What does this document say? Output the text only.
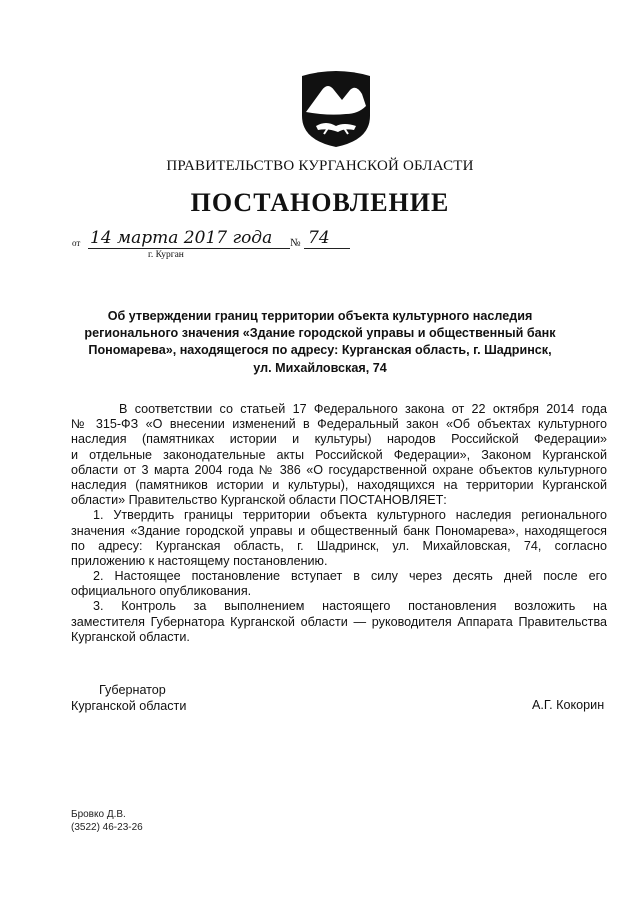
ПРАВИТЕЛЬСТВО КУРГАНСКОЙ ОБЛАСТИ
ПОСТАНОВЛЕНИЕ
от 14 марта 2017 года	№ 74
г. Курган
Об утверждении границ территории объекта культурного наследия
регионального значения «Здание городской управы и общественный банк
Пономарева», находящегося по адресу: Курганская область, г. Шадринск,
ул. Михайловская, 74
В соответствии со статьей 17 Федерального закона от 22 октября 2014 года
№ 315-ФЗ «О внесении изменений в Федеральный закон «Об объектах культурного
наследия (памятниках истории и культуры) народов Российской Федерации»
и отдельные законодательные акты Российской Федерации», Законом Курганской
области от 3 марта 2004 года № 386 «О государственной охране объектов культурного
наследия (памятников истории и культуры), находящихся на территории Курганской
области» Правительство Курганской области ПОСТАНОВЛЯЕТ:
1. Утвердить границы территории объекта культурного наследия регионального
значения «Здание городской управы и общественный банк Пономарева», находящегося
по адресу: Курганская область, г. Шадринск, ул. Михайловская, 74, согласно
приложению к настоящему постановлению.
2. Настоящее постановление вступает в силу через десять дней после его
официального опубликования.
3. Контроль за выполнением настоящего постановления возложить на
заместителя Губернатора Курганской области — руководителя Аппарата Правительства
Курганской области.
Губернатор
Курганской области	А.Г. Кокорин
Бровко Д.В.
(3522) 46-23-26
